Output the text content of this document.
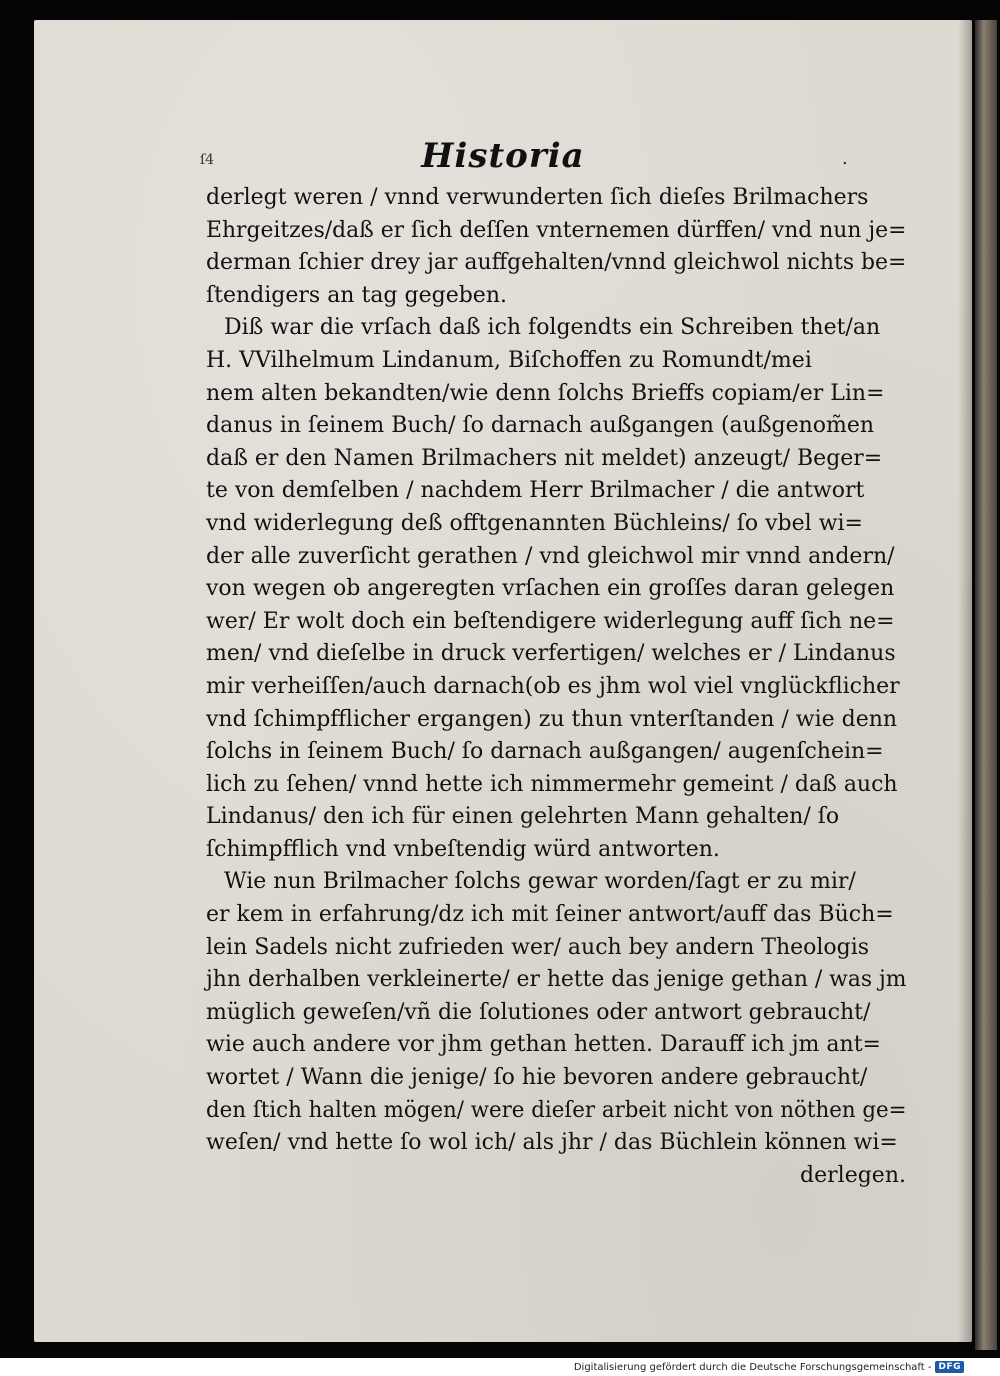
ſ4	.
Historia
derlegt weren / vnnd verwunderten ſich dieſes Brilmachers
Ehrgeitzes/daß er ſich deſſen vnternemen dürffen/ vnd nun je=
derman ſchier drey jar auffgehalten/vnnd gleichwol nichts be=
ſtendigers an tag gegeben.
Diß war die vrſach daß ich folgendts ein Schreiben thet/an
H. VVilhelmum Lindanum, Biſchoffen zu Romundt/mei
nem alten bekandten/wie denn ſolchs Brieffs copiam/er Lin=
danus in ſeinem Buch/ ſo darnach außgangen (außgenom̃en
daß er den Namen Brilmachers nit meldet) anzeugt/ Beger=
te von demſelben / nachdem Herr Brilmacher / die antwort
vnd widerlegung deß offtgenannten Büchleins/ ſo vbel wi=
der alle zuverſicht gerathen / vnd gleichwol mir vnnd andern/
von wegen ob angeregten vrſachen ein groſſes daran gelegen
wer/ Er wolt doch ein beſtendigere widerlegung auff ſich ne=
men/ vnd dieſelbe in druck verfertigen/ welches er / Lindanus
mir verheiſſen/auch darnach(ob es jhm wol viel vnglückflicher
vnd ſchimpfflicher ergangen) zu thun vnterſtanden / wie denn
ſolchs in ſeinem Buch/ ſo darnach außgangen/ augenſchein=
lich zu ſehen/ vnnd hette ich nimmermehr gemeint / daß auch
Lindanus/ den ich für einen gelehrten Mann gehalten/ ſo
ſchimpfflich vnd vnbeſtendig würd antworten.
Wie nun Brilmacher ſolchs gewar worden/ſagt er zu mir/
er kem in erfahrung/dz ich mit ſeiner antwort/auff das Büch=
lein Sadels nicht zufrieden wer/ auch bey andern Theologis
jhn derhalben verkleinerte/ er hette das jenige gethan / was jm
müglich geweſen/vñ die ſolutiones oder antwort gebraucht/
wie auch andere vor jhm gethan hetten. Darauff ich jm ant=
wortet / Wann die jenige/ ſo hie bevoren andere gebraucht/
den ſtich halten mögen/ were dieſer arbeit nicht von nöthen ge=
weſen/ vnd hette ſo wol ich/ als jhr / das Büchlein können wi=
derlegen.
Digitalisierung gefördert durch die Deutsche Forschungsgemeinschaft - DFG
